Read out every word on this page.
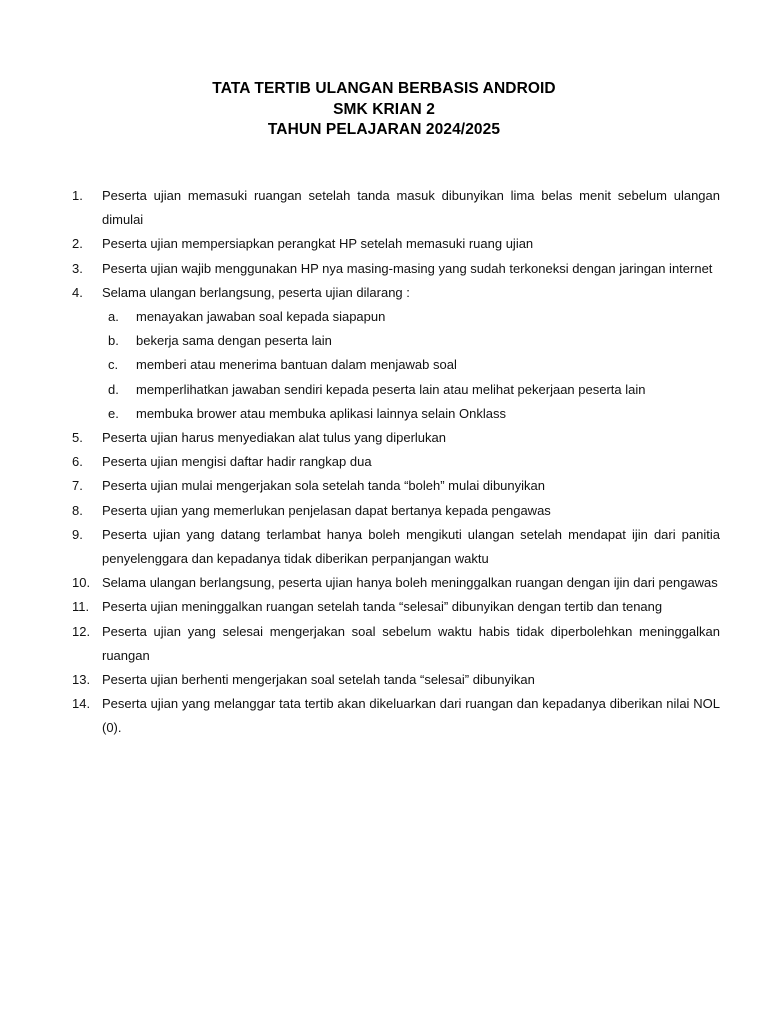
TATA TERTIB ULANGAN BERBASIS ANDROID
SMK KRIAN 2
TAHUN PELAJARAN 2024/2025
1.	Peserta ujian memasuki ruangan setelah tanda masuk dibunyikan lima belas menit sebelum ulangan dimulai
2.	Peserta ujian mempersiapkan perangkat HP setelah memasuki ruang ujian
3.	Peserta ujian wajib menggunakan HP nya masing-masing yang sudah terkoneksi dengan jaringan internet
4.	Selama ulangan berlangsung, peserta ujian dilarang :
a. menayakan jawaban soal kepada siapapun
b. bekerja sama dengan peserta lain
c. memberi atau menerima bantuan dalam menjawab soal
d. memperlihatkan jawaban sendiri kepada peserta lain atau melihat pekerjaan peserta lain
e. membuka brower atau membuka aplikasi lainnya selain Onklass
5.	Peserta ujian harus menyediakan alat tulus yang diperlukan
6.	Peserta ujian mengisi daftar hadir rangkap dua
7.	Peserta ujian mulai mengerjakan sola setelah tanda “boleh” mulai dibunyikan
8.	Peserta ujian yang memerlukan penjelasan dapat bertanya kepada pengawas
9.	Peserta ujian yang datang terlambat hanya boleh mengikuti ulangan setelah mendapat ijin dari panitia penyelenggara dan kepadanya tidak diberikan perpanjangan waktu
10. Selama ulangan berlangsung, peserta ujian hanya boleh meninggalkan ruangan dengan ijin dari pengawas
11. Peserta ujian meninggalkan ruangan setelah tanda “selesai” dibunyikan dengan tertib dan tenang
12. Peserta ujian yang selesai mengerjakan soal sebelum waktu habis tidak diperbolehkan meninggalkan ruangan
13. Peserta ujian berhenti mengerjakan soal setelah tanda “selesai” dibunyikan
14. Peserta ujian yang melanggar tata tertib akan dikeluarkan dari ruangan dan kepadanya diberikan nilai NOL (0).
